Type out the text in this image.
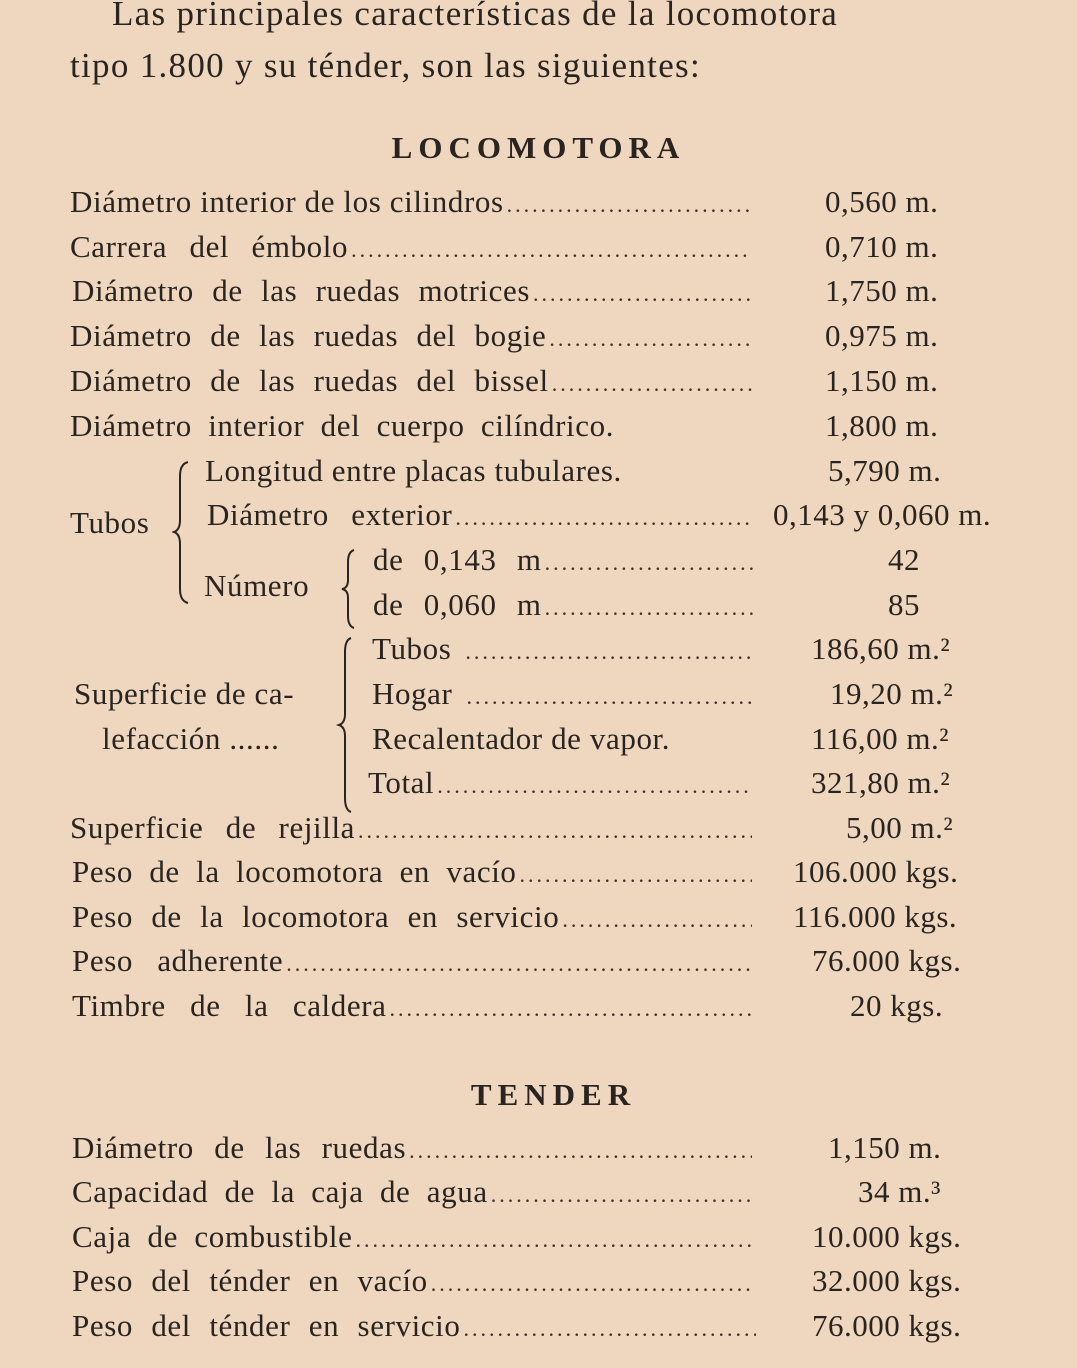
Las principales características de la locomotora
tipo 1.800 y su ténder, son las siguientes:
LOCOMOTORA
Diámetro interior de los cilindros .....	0,560 m.
Carrera del émbolo .....	0,710 m.
Diámetro de las ruedas motrices .....	1,750 m.
Diámetro de las ruedas del bogie .....	0,975 m.
Diámetro de las ruedas del bissel .....	1,150 m.
Diámetro interior del cuerpo cilíndrico.	1,800 m.
Tubos
Longitud entre placas tubulares.	5,790 m.
Diámetro exterior .....	0,143 y 0,060 m.
Número
de 0,143 m .....	42
de 0,060 m .....	85
Superficie de ca-
lefacción ......
Tubos .....	186,60 m.²
Hogar .....	19,20 m.²
Recalentador de vapor.	116,00 m.²
Total .....	321,80 m.²
Superficie de rejilla .....	5,00 m.²
Peso de la locomotora en vacío .....	106.000 kgs.
Peso de la locomotora en servicio .....	116.000 kgs.
Peso adherente .....	76.000 kgs.
Timbre de la caldera .....	20 kgs.
TENDER
Diámetro de las ruedas .....	1,150 m.
Capacidad de la caja de agua .....	34 m.³
Caja de combustible .....	10.000 kgs.
Peso del ténder en vacío .....	32.000 kgs.
Peso del ténder en servicio .....	76.000 kgs.
